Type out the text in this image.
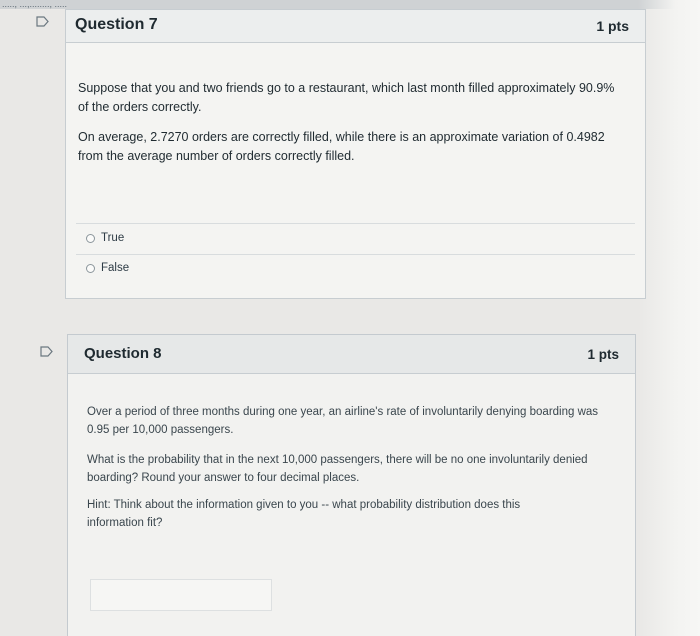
....., ...,........, .....
Question 7	1 pts
Suppose that you and two friends go to a restaurant, which last month filled approximately 90.9% of the orders correctly.
On average, 2.7270 orders are correctly filled, while there is an approximate variation of 0.4982 from the average number of orders correctly filled.
True
False
Question 8	1 pts
Over a period of three months during one year, an airline's rate of involuntarily denying boarding was 0.95 per 10,000 passengers.
What is the probability that in the next 10,000 passengers, there will be no one involuntarily denied boarding? Round your answer to four decimal places.
Hint: Think about the information given to you -- what probability distribution does this information fit?
